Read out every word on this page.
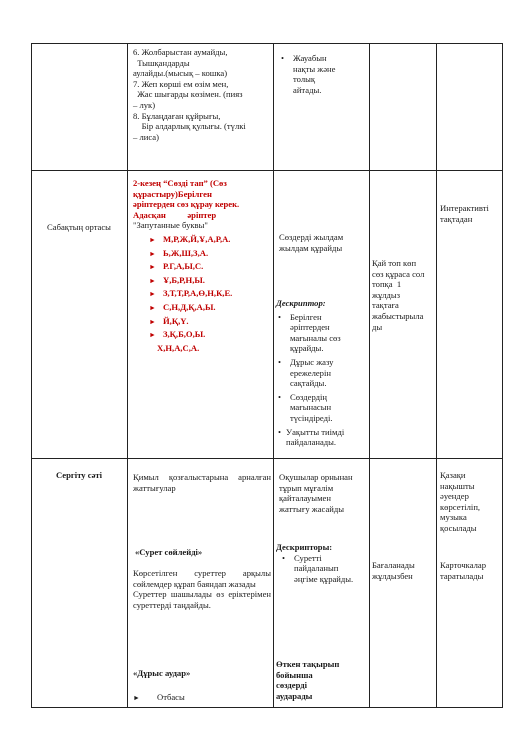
6. Жолбарыстан аумайды,

Тышқандарды

аулайды.(мысық – кошка)

7. Жеп көрші ем өзім мен,

Жас шығарды көзімен. (пияз

– лук)

8. Бұлаңдаған құйрығы,

Бір алдарлық қулығы. (түлкі

– лиса)

• Жауабын

нақты және

толық

айтады.

Сабақтың ортасы

2-кезең “Сөзді тап” (Сөз

құрастыру)Берілген

әріптерден сөз құрау керек.

Адасқан          әріптер

"Запутанные буквы"

► М,Р,Ж,Й,Ұ,А,Р,А.

► Ь,Ж,Ш,З,А.

► Р.Г,А,Ы,С.

► Ұ,Б,Р,Н,Ы.

► З,Т,Т,Р,А,Ө,Н,К,Е.

► С,Н,Д,Қ,А,Ы.

► Й,Қ,Ү.

► З,Қ,Б,О,Ы.

Х,Н,А,С,А.

Сөздерді жылдам

жылдам құрайды

Дескриптор:

• Берілген

әріптерден

мағыналы сөз

құрайды.

• Дұрыс жазу

ережелерін

сақтайды.

• Сөздердің

мағынасын

түсіндіреді.

• Уақытты тиімді

пайдаланады.

Қай топ көп

сөз құраса сол

топқа  1

жұлдыз

тақтаға

жабыстырыла

ды

Интерактивті

тақтадан

Сергіту сәті	Қимыл қозғалыстарына арналған жаттығулар

Оқушылар орнынан

тұрып мұғалім

қайталауымен

жаттығу жасайды

Қазақи нақышты

әуендер

көрсетіліп,

музыка

қосылады

«Сурет сөйлейді»

Көрсетілген суреттер арқылы сөйлемдер құрап баяндап жазады

Суреттер шашылады өз еріктерімен суреттерді таңдайды.

Дескрипторы:

• Суретті

пайдаланып

әңгіме құрайды.

Бағаланады

жұлдызбен

Карточкалар

таратылады

«Дұрыс аудар»

► Отбасы

Өткен тақырып

бойынша

сөздерді

аударады
